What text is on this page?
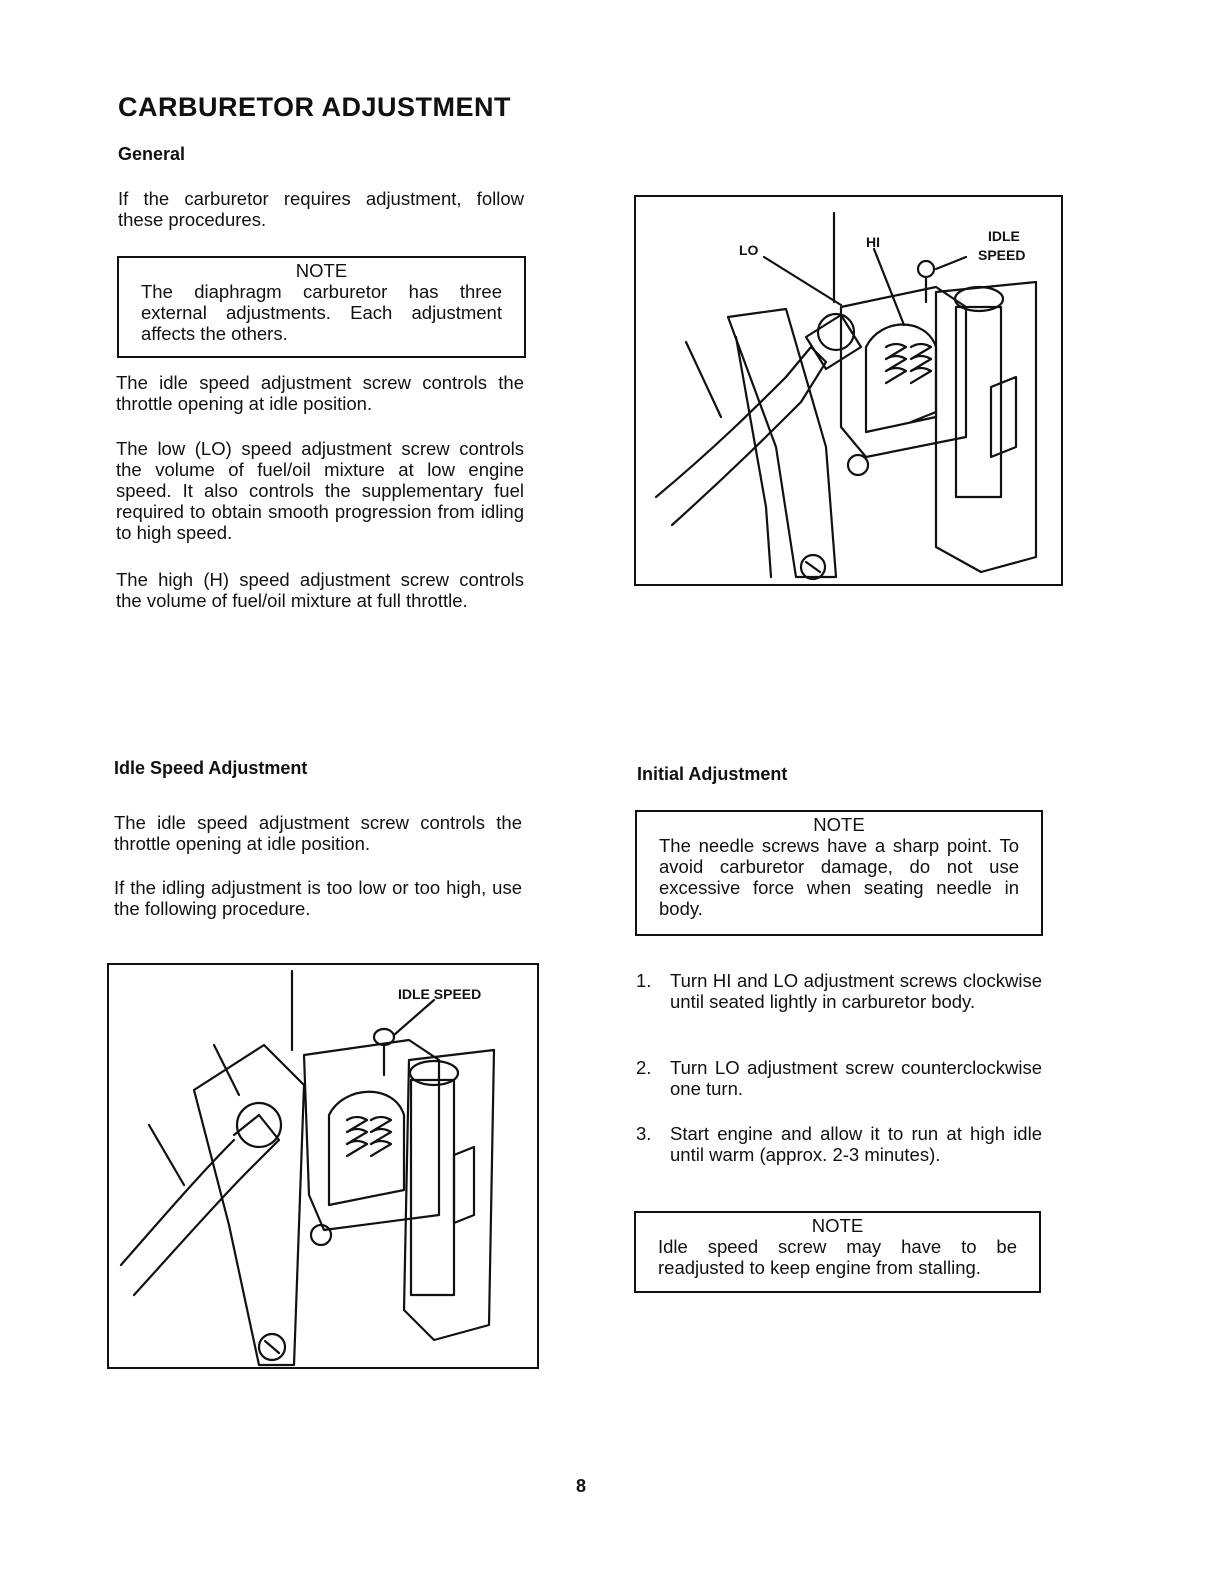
CARBURETOR ADJUSTMENT
General
If the carburetor requires adjustment, follow these procedures.
NOTE
The diaphragm carburetor has three external adjustments. Each adjustment affects the others.
The idle speed adjustment screw controls the throttle opening at idle position.
The low (LO) speed adjustment screw controls the volume of fuel/oil mixture at low engine speed. It also controls the supplementary fuel required to obtain smooth progression from idling to high speed.
The high (H) speed adjustment screw controls the volume of fuel/oil mixture at full throttle.
LO	HI	IDLE
SPEED
Idle Speed Adjustment
The idle speed adjustment screw controls the throttle opening at idle position.
If the idling adjustment is too low or too high, use the following procedure.
IDLE SPEED
Initial Adjustment
NOTE
The needle screws have a sharp point. To avoid carburetor damage, do not use excessive force when seating needle in body.
1. Turn HI and LO adjustment screws clockwise until seated lightly in carburetor body.
2. Turn LO adjustment screw counterclockwise one turn.
3. Start engine and allow it to run at high idle until warm (approx. 2-3 minutes).
NOTE
Idle speed screw may have to be readjusted to keep engine from stalling.
8
